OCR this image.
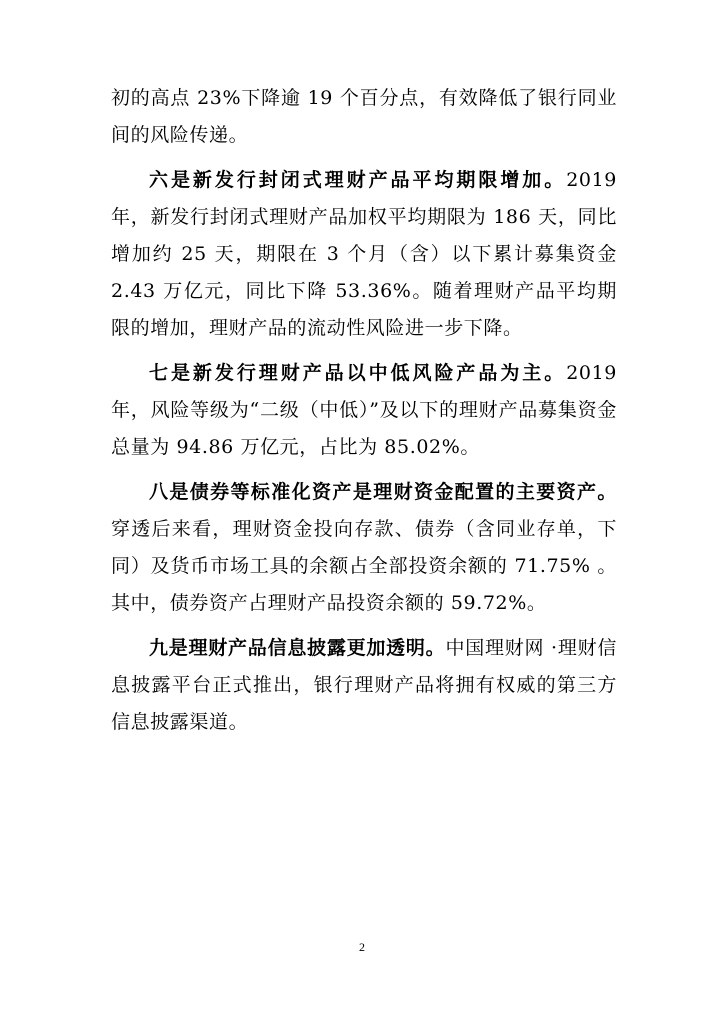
初的高点 23%下降逾 19 个百分点，有效降低了银行同业间的风险传递。

六是新发行封闭式理财产品平均期限增加。2019 年，新发行封闭式理财产品加权平均期限为 186 天，同比增加约 25 天，期限在 3 个月（含）以下累计募集资金 2.43 万亿元，同比下降 53.36%。随着理财产品平均期限的增加，理财产品的流动性风险进一步下降。

七是新发行理财产品以中低风险产品为主。2019 年，风险等级为“二级（中低）”及以下的理财产品募集资金总量为 94.86 万亿元，占比为 85.02%。

八是债券等标准化资产是理财资金配置的主要资产。穿透后来看，理财资金投向存款、债券（含同业存单，下同）及货币市场工具的余额占全部投资余额的 71.75% 。其中，债券资产占理财产品投资余额的 59.72%。

九是理财产品信息披露更加透明。中国理财网 ·理财信息披露平台正式推出，银行理财产品将拥有权威的第三方信息披露渠道。

2
